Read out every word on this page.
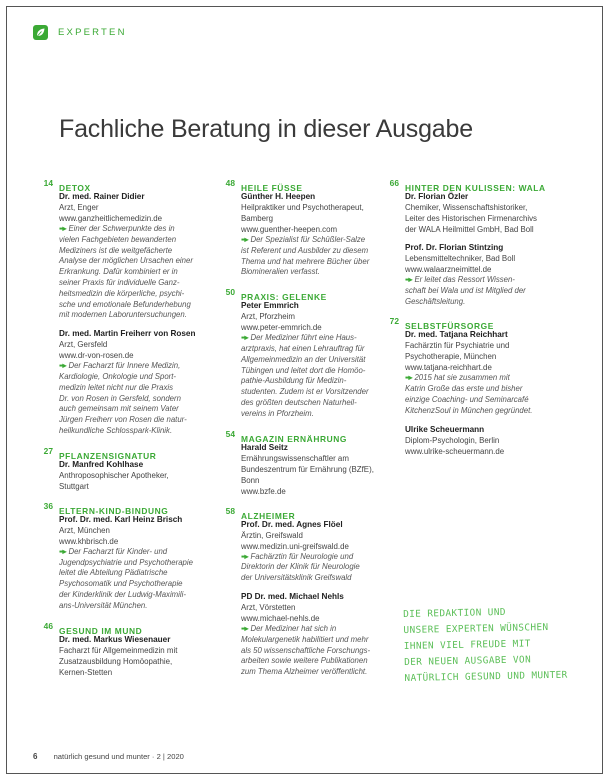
EXPERTEN
Fachliche Beratung in dieser Ausgabe
14 DETOX
Dr. med. Rainer Didier
Arzt, Enger
www.ganzheitlichemedizin.de
▪▪▸ Einer der Schwerpunkte des in
vielen Fachgebieten bewanderten
Mediziners ist die weitgefächerte
Analyse der möglichen Ursachen einer
Erkrankung. Dafür kombiniert er in
seiner Praxis für individuelle Ganz-
heitsmedizin die körperliche, psychi-
sche und emotionale Befunderhebung
mit modernen Laboruntersuchungen.
Dr. med. Martin Freiherr von Rosen
Arzt, Gersfeld
www.dr-von-rosen.de
▪▪▸ Der Facharzt für Innere Medizin,
Kardiologie, Onkologie und Sport-
medizin leitet nicht nur die Praxis
Dr. von Rosen in Gersfeld, sondern
auch gemeinsam mit seinem Vater
Jürgen Freiherr von Rosen die natur-
heilkundliche Schlosspark-Klinik.
27 PFLANZENSIGNATUR
Dr. Manfred Kohlhase
Anthroposophischer Apotheker,
Stuttgart
36 ELTERN-KIND-BINDUNG
Prof. Dr. med. Karl Heinz Brisch
Arzt, München
www.khbrisch.de
▪▪▸ Der Facharzt für Kinder- und
Jugendpsychiatrie und Psychotherapie
leitet die Abteilung Pädiatrische
Psychosomatik und Psychotherapie
der Kinderklinik der Ludwig-Maximili-
ans-Universität München.
46 GESUND IM MUND
Dr. med. Markus Wiesenauer
Facharzt für Allgemeinmedizin mit
Zusatzausbildung Homöopathie,
Kernen-Stetten
48 HEILE FÜSSE
Günther H. Heepen
Heilpraktiker und Psychotherapeut,
Bamberg
www.guenther-heepen.com
▪▪▸ Der Spezialist für Schüßler-Salze
ist Referent und Ausbilder zu diesem
Thema und hat mehrere Bücher über
Biomineralien verfasst.
50 PRAXIS: GELENKE
Peter Emmrich
Arzt, Pforzheim
www.peter-emmrich.de
▪▪▸ Der Mediziner führt eine Haus-
arztpraxis, hat einen Lehrauftrag für
Allgemeinmedizin an der Universität
Tübingen und leitet dort die Homöo-
pathie-Ausbildung für Medizin-
studenten. Zudem ist er Vorsitzender
des größten deutschen Naturheil-
vereins in Pforzheim.
54 MAGAZIN ERNÄHRUNG
Harald Seitz
Ernährungswissenschaftler am
Bundeszentrum für Ernährung (BZfE),
Bonn
www.bzfe.de
58 ALZHEIMER
Prof. Dr. med. Agnes Flöel
Ärztin, Greifswald
www.medizin.uni-greifswald.de
▪▪▸ Fachärztin für Neurologie und
Direktorin der Klinik für Neurologie
der Universitätsklinik Greifswald
PD Dr. med. Michael Nehls
Arzt, Vörstetten
www.michael-nehls.de
▪▪▸ Der Mediziner hat sich in
Molekulargenetik habilitiert und mehr
als 50 wissenschaftliche Forschungs-
arbeiten sowie weitere Publikationen
zum Thema Alzheimer veröffentlicht.
66 HINTER DEN KULISSEN: WALA
Dr. Florian Özler
Chemiker, Wissenschaftshistoriker,
Leiter des Historischen Firmenarchivs
der WALA Heilmittel GmbH, Bad Boll
Prof. Dr. Florian Stintzing
Lebensmitteltechniker, Bad Boll
www.walaarzneimittel.de
▪▪▸ Er leitet das Ressort Wissen-
schaft bei Wala und ist Mitglied der
Geschäftsleitung.
72 SELBSTFÜRSORGE
Dr. med. Tatjana Reichhart
Fachärztin für Psychiatrie und
Psychotherapie, München
www.tatjana-reichhart.de
▪▪▸ 2015 hat sie zusammen mit
Katrin Große das erste und bisher
einzige Coaching- und Seminarcafé
KitchenzSoul in München gegründet.
Ulrike Scheuermann
Diplom-Psychologin, Berlin
www.ulrike-scheuermann.de
DIE REDAKTION UND
UNSERE EXPERTEN WÜNSCHEN
IHNEN VIEL FREUDE MIT
DER NEUEN AUSGABE VON
NATÜRLICH GESUND UND MUNTER
6 natürlich gesund und munter · 2 | 2020
